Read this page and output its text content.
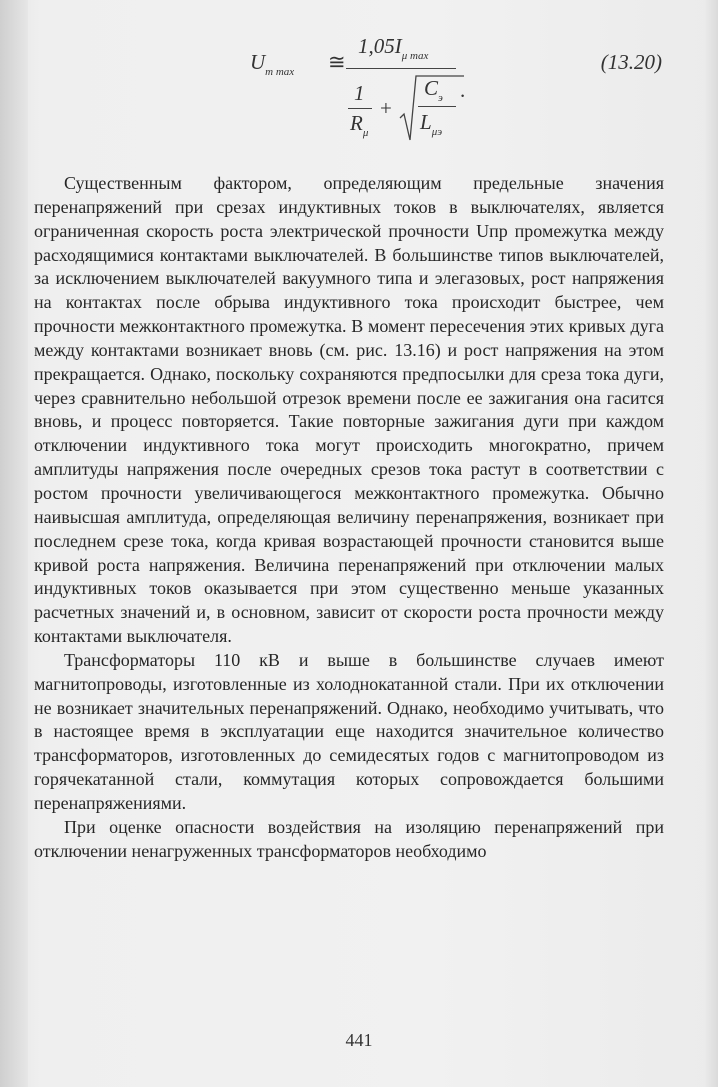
$U_{m max}$ ≅
$1,05I_{\mu max}$
1
$R_\mu$
+
$C_э$
$L_{\mu э}$
.
(13.20)

Существенным фактором, определяющим предельные значения перенапряжений при срезах индуктивных токов в выключателях, является ограниченная скорость роста электрической прочности Uпр промежутка между расходящимися контактами выключателей. В большинстве типов выключателей, за исключением выключателей вакуумного типа и элегазовых, рост напряжения на контактах после обрыва индуктивного тока происходит быстрее, чем прочности межконтактного промежутка. В момент пересечения этих кривых дуга между контактами возникает вновь (см. рис. 13.16) и рост напряжения на этом прекращается. Однако, поскольку сохраняются предпосылки для среза тока дуги, через сравнительно небольшой отрезок времени после ее зажигания она гасится вновь, и процесс повторяется. Такие повторные зажигания дуги при каждом отключении индуктивного тока могут происходить многократно, причем амплитуды напряжения после очередных срезов тока растут в соответствии с ростом прочности увеличивающегося межконтактного промежутка. Обычно наивысшая амплитуда, определяющая величину перенапряжения, возникает при последнем срезе тока, когда кривая возрастающей прочности становится выше кривой роста напряжения. Величина перенапряжений при отключении малых индуктивных токов оказывается при этом существенно меньше указанных расчетных значений и, в основном, зависит от скорости роста прочности между контактами выключателя.

Трансформаторы 110 кВ и выше в большинстве случаев имеют магнитопроводы, изготовленные из холоднокатанной стали. При их отключении не возникает значительных перенапряжений. Однако, необходимо учитывать, что в настоящее время в эксплуатации еще находится значительное количество трансформаторов, изготовленных до семидесятых годов с магнитопроводом из горячекатанной стали, коммутация которых сопровождается большими перенапряжениями.

При оценке опасности воздействия на изоляцию перенапряжений при отключении ненагруженных трансформаторов необходимо

441
